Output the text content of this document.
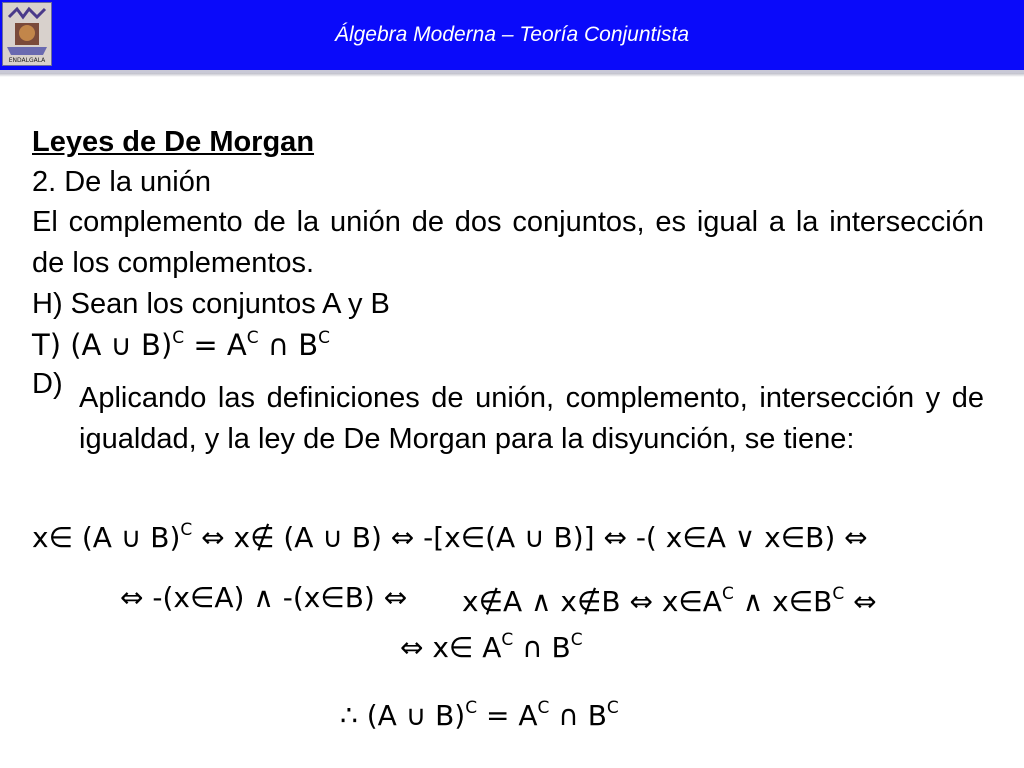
ENDALGALA
Álgebra Moderna – Teoría Conjuntista
Leyes de De Morgan
2. De la unión
El complemento de la unión de dos conjuntos, es igual a la intersección de los complementos.
H) Sean los conjuntos A y B
T) (A ∪ $B)^C = A^C$ ∩ $B^C$
D) Aplicando las definiciones de unión, complemento, intersección y de igualdad, y la ley de De Morgan para la disyunción, se tiene:
x∈ (A ∪ B)$^C$ ⇔ x∉ (A ∪ B) ⇔ -[x∈(A ∪ B)] ⇔ -( x∈A ∨ x∈B) ⇔
⇔ -(x∈A) ∧ -(x∈B) ⇔ x∉A ∧ x∉B ⇔ $x\in A^C$ ∧ $x\in B^C$ ⇔
⇔ x∈ $A^C$ ∩ $B^C$
∴ (A ∪ $B)^C = A^C$ ∩ $B^C$
